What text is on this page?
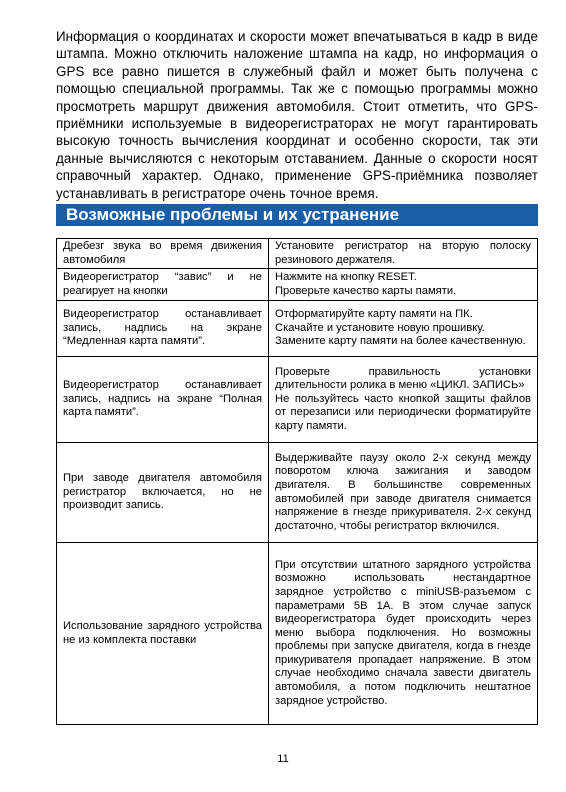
Информация о координатах и скорости может впечатываться в кадр в виде штампа. Можно отключить наложение штампа на кадр, но информация о GPS все равно пишется в служебный файл и может быть получена с помощью специальной программы. Так же с помощью программы можно просмотреть маршрут движения автомобиля. Стоит отметить, что GPS-приёмники используемые в видеорегистраторах не могут гарантировать высокую точность вычисления координат и особенно скорости, так эти данные вычисляются с некоторым отставанием. Данные о скорости носят справочный характер. Однако, применение GPS-приёмника позволяет устанавливать в регистраторе очень точное время.

Возможные проблемы и их устранение
Дребезг звука во время движения автомобиля	Установите регистратор на вторую полоску резинового держателя.

Видеорегистратор “завис” и не реагирует на кнопки	Нажмите на кнопку RESET.
Проверьте качество карты памяти.

Видеорегистратор останавливает запись, надпись на экране “Медленная карта памяти”.	Отформатируйте карту памяти на ПК.
Скачайте и установите новую прошивку.
Замените карту памяти на более качественную.

Видеорегистратор останавливает запись, надпись на экране “Полная карта памяти”.	Проверьте правильность установки длительности ролика в меню «ЦИКЛ. ЗАПИСЬ»
Не пользуйтесь часто кнопкой защиты файлов от перезаписи или периодически форматируйте карту памяти.

При заводе двигателя автомобиля регистратор включается, но не производит запись.	Выдерживайте паузу около 2-х секунд между поворотом ключа зажигания и заводом двигателя. В большинстве современных автомобилей при заводе двигателя снимается напряжение в гнезде прикуривателя. 2-х секунд достаточно, чтобы регистратор включился.

Использование зарядного устройства не из комплекта поставки	При отсутствии штатного зарядного устройства возможно использовать нестандартное зарядное устройство с miniUSB-разъемом с параметрами 5В 1А. В этом случае запуск видеорегистратора будет происходить через меню выбора подключения. Но возможны проблемы при запуске двигателя, когда в гнезде прикуривателя пропадает напряжение. В этом случае необходимо сначала завести двигатель автомобиля, а потом подключить нештатное зарядное устройство.
11
